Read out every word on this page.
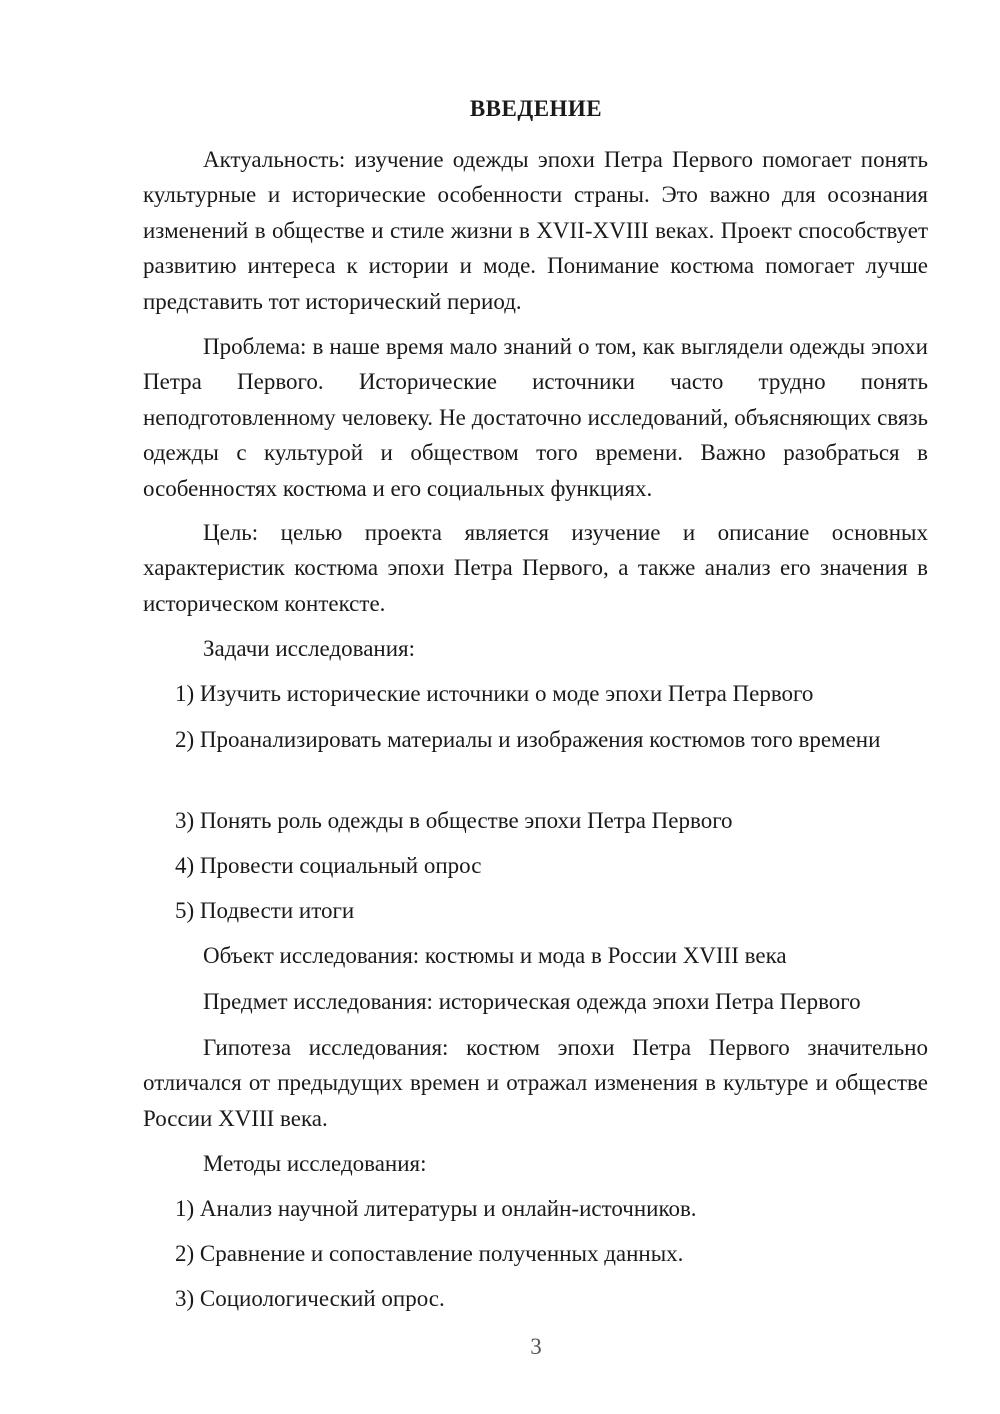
ВВЕДЕНИЕ

Актуальность: изучение одежды эпохи Петра Первого помогает понять культурные и исторические особенности страны. Это важно для осознания изменений в обществе и стиле жизни в XVII-XVIII веках. Проект способствует развитию интереса к истории и моде. Понимание костюма помогает лучше представить тот исторический период.

Проблема: в наше время мало знаний о том, как выглядели одежды эпохи Петра Первого. Исторические источники часто трудно понять неподготовленному человеку. Не достаточно исследований, объясняющих связь одежды с культурой и обществом того времени. Важно разобраться в особенностях костюма и его социальных функциях.

Цель: целью проекта является изучение и описание основных характеристик костюма эпохи Петра Первого, а также анализ его значения в историческом контексте.

Задачи исследования:

1) Изучить исторические источники о моде эпохи Петра Первого

2) Проанализировать материалы и изображения костюмов того времени

3) Понять роль одежды в обществе эпохи Петра Первого

4) Провести социальный опрос

5) Подвести итоги

Объект исследования: костюмы и мода в России XVIII века

Предмет исследования: историческая одежда эпохи Петра Первого

Гипотеза исследования: костюм эпохи Петра Первого значительно отличался от предыдущих времен и отражал изменения в культуре и обществе России XVIII века.

Методы исследования:

1) Анализ научной литературы и онлайн-источников.

2) Сравнение и сопоставление полученных данных.

3) Социологический опрос.

3
